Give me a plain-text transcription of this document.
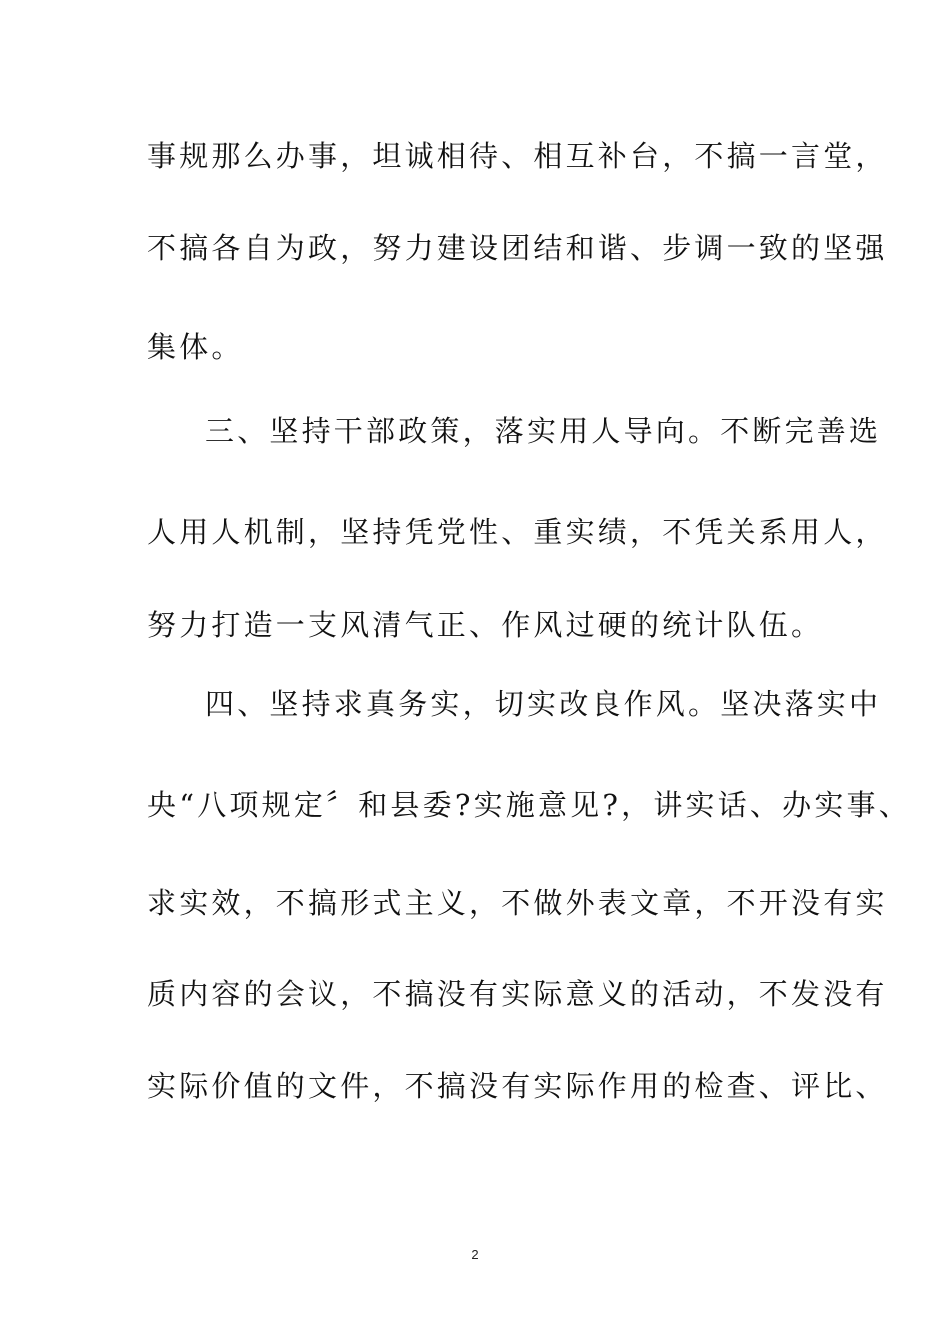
事规那么办事，坦诚相待、相互补台，不搞一言堂，
不搞各自为政，努力建设团结和谐、步调一致的坚强
集体。
三、坚持干部政策，落实用人导向。不断完善选
人用人机制，坚持凭党性、重实绩，不凭关系用人，
努力打造一支风清气正、作风过硬的统计队伍。
四、坚持求真务实，切实改良作风。坚决落实中
央“八项规定〞和县委?实施意见?，讲实话、办实事、
求实效，不搞形式主义，不做外表文章，不开没有实
质内容的会议，不搞没有实际意义的活动，不发没有
实际价值的文件，不搞没有实际作用的检查、评比、
2
